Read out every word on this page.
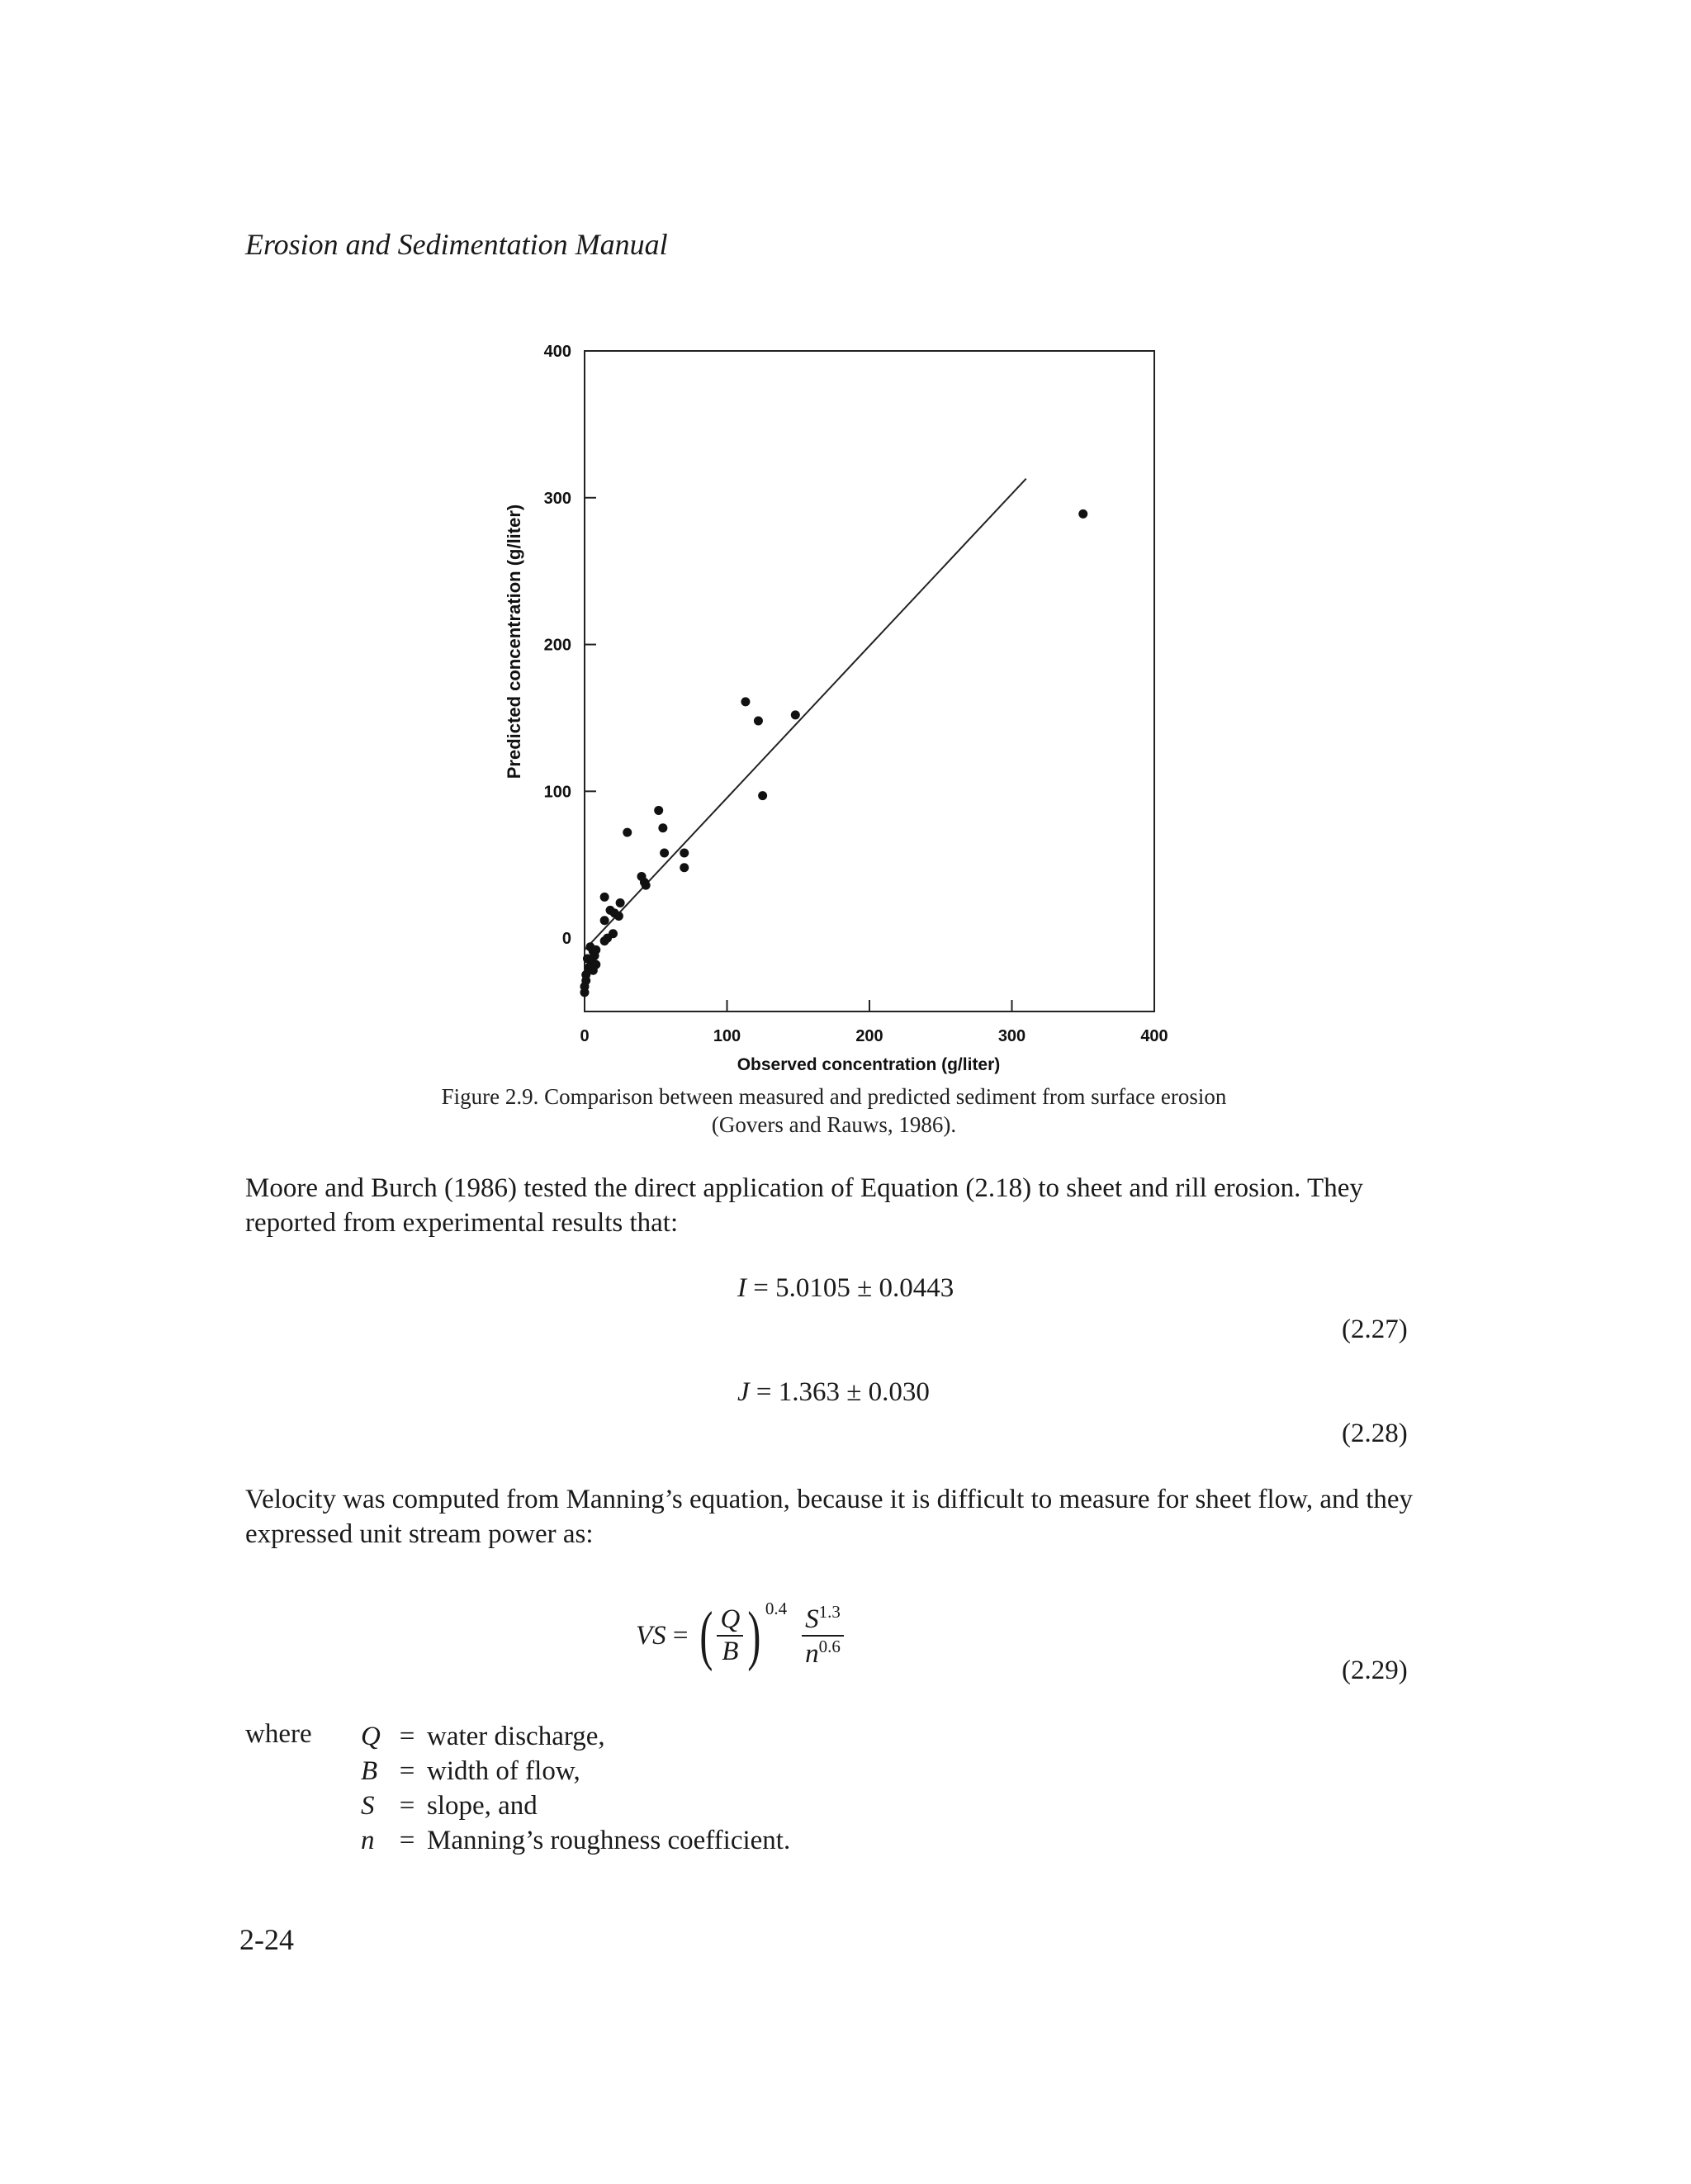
Erosion and Sedimentation Manual
0	100	200	300	400
0
100
200
300
400
Predicted concentration (g/liter)
Observed concentration (g/liter)
Figure 2.9. Comparison between measured and predicted sediment from surface erosion
(Govers and Rauws, 1986).
Moore and Burch (1986) tested the direct application of Equation (2.18) to sheet and rill erosion. They reported from experimental results that:
I = 5.0105 ± 0.0443
(2.27)
J = 1.363 ± 0.030
(2.28)
Velocity was computed from Manning’s equation, because it is difficult to measure for sheet flow, and they expressed unit stream power as:
VS = ( $\frac{Q}{B}$ ) $^{0.4} \frac{S^{1.3}}{n^{0.6}}$
(2.29)
where Q = water discharge,
B = width of flow,
S = slope, and
n = Manning’s roughness coefficient.
2-24
